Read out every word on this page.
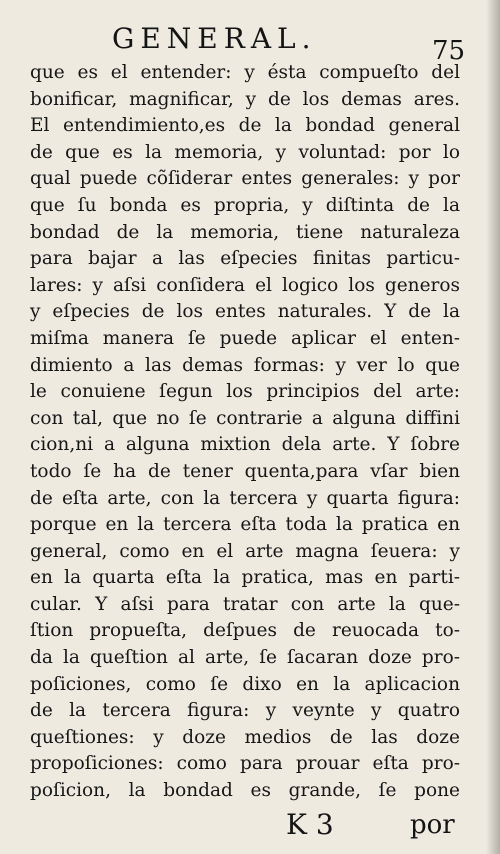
GENERAL.	75
que es el entender: y ésta compueſto del
bonificar, magnificar, y de los demas ares.
El entendimiento,es de la bondad general
de que es la memoria, y voluntad: por lo
qual puede cõſiderar entes generales: y por
que ſu bonda es propria, y diſtinta de la
bondad de la memoria, tiene naturaleza
para bajar a las eſpecies finitas particu-
lares: y aſsi conſidera el logico los generos
y eſpecies de los entes naturales. Y de la
miſma manera ſe puede aplicar el enten-
dimiento a las demas formas: y ver lo que
le conuiene ſegun los principios del arte:
con tal, que no ſe contrarie a alguna diffini
cion,ni a alguna mixtion dela arte. Y ſobre
todo ſe ha de tener quenta,para vſar bien
de eſta arte, con la tercera y quarta figura:
porque en la tercera eſta toda la pratica en
general, como en el arte magna ſeuera: y
en la quarta eſta la pratica, mas en parti-
cular. Y aſsi para tratar con arte la que-
ſtion propueſta, deſpues de reuocada to-
da la queſtion al arte, ſe ſacaran doze pro-
poſiciones, como ſe dixo en la aplicacion
de la tercera figura: y veynte y quatro
queſtiones: y doze medios de las doze
propoſiciones: como para prouar eſta pro-
poſicion, la bondad es grande, ſe pone
K 3	por
